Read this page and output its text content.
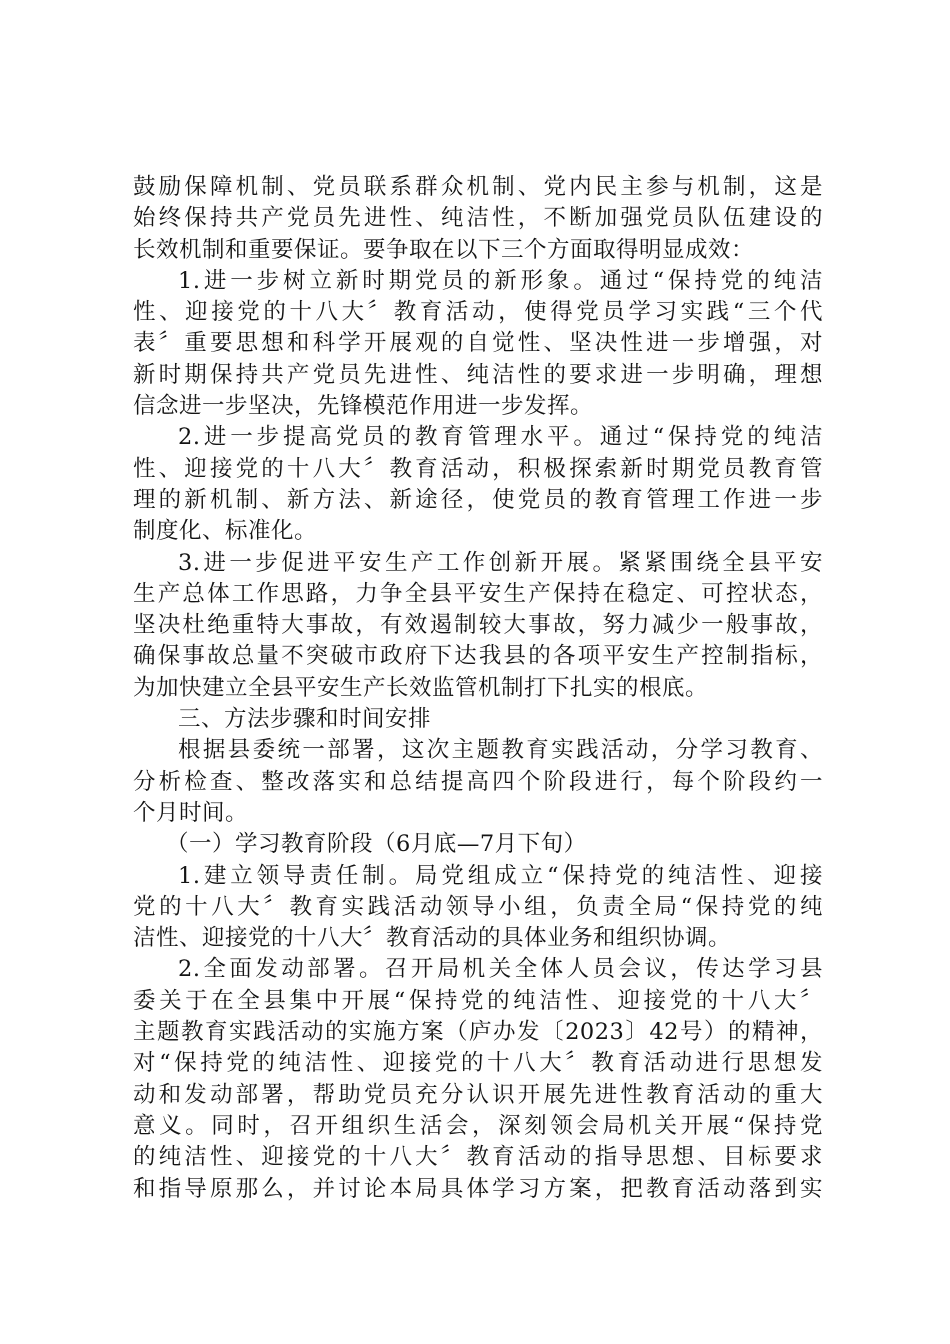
鼓励保障机制、党员联系群众机制、党内民主参与机制，这是
始终保持共产党员先进性、纯洁性，不断加强党员队伍建设的
长效机制和重要保证。要争取在以下三个方面取得明显成效：
1.进一步树立新时期党员的新形象。通过“保持党的纯洁
性、迎接党的十八大〞教育活动，使得党员学习实践“三个代
表〞重要思想和科学开展观的自觉性、坚决性进一步增强，对
新时期保持共产党员先进性、纯洁性的要求进一步明确，理想
信念进一步坚决，先锋模范作用进一步发挥。
2.进一步提高党员的教育管理水平。通过“保持党的纯洁
性、迎接党的十八大〞教育活动，积极探索新时期党员教育管
理的新机制、新方法、新途径，使党员的教育管理工作进一步
制度化、标准化。
3.进一步促进平安生产工作创新开展。紧紧围绕全县平安
生产总体工作思路，力争全县平安生产保持在稳定、可控状态，
坚决杜绝重特大事故，有效遏制较大事故，努力减少一般事故，
确保事故总量不突破市政府下达我县的各项平安生产控制指标，
为加快建立全县平安生产长效监管机制打下扎实的根底。
三、方法步骤和时间安排
根据县委统一部署，这次主题教育实践活动，分学习教育、
分析检查、整改落实和总结提高四个阶段进行，每个阶段约一
个月时间。
（一）学习教育阶段（6月底—7月下旬）
1.建立领导责任制。局党组成立“保持党的纯洁性、迎接
党的十八大〞教育实践活动领导小组，负责全局“保持党的纯
洁性、迎接党的十八大〞教育活动的具体业务和组织协调。
2.全面发动部署。召开局机关全体人员会议，传达学习县
委关于在全县集中开展“保持党的纯洁性、迎接党的十八大〞
主题教育实践活动的实施方案（庐办发〔2023〕42号）的精神，
对“保持党的纯洁性、迎接党的十八大〞教育活动进行思想发
动和发动部署，帮助党员充分认识开展先进性教育活动的重大
意义。同时，召开组织生活会，深刻领会局机关开展“保持党
的纯洁性、迎接党的十八大〞教育活动的指导思想、目标要求
和指导原那么，并讨论本局具体学习方案，把教育活动落到实
